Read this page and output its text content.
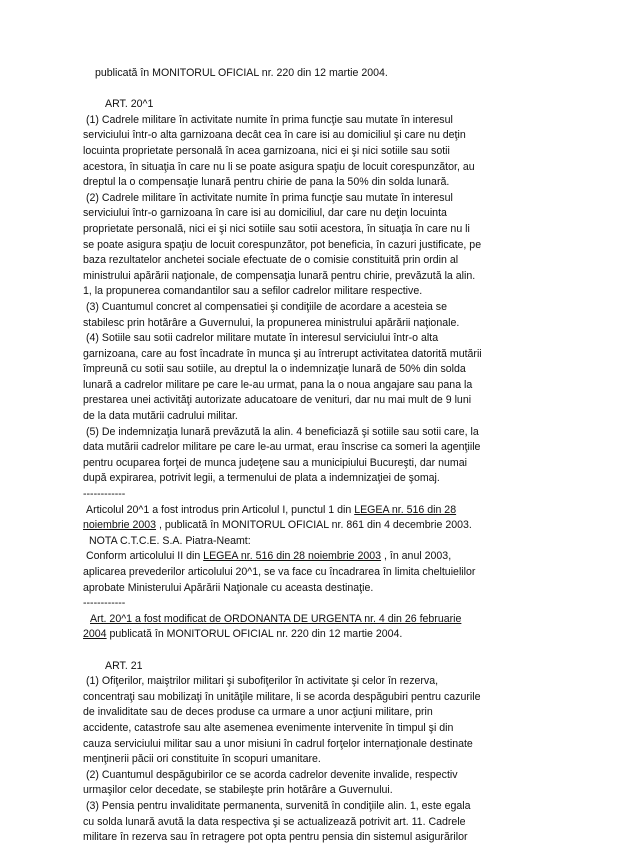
publicată în MONITORUL OFICIAL nr. 220 din 12 martie 2004.
ART. 20^1
(1) Cadrele militare în activitate numite în prima funcţie sau mutate în interesul
serviciului într-o alta garnizoana decât cea în care isi au domiciliul şi care nu deţin
locuinta proprietate personală în acea garnizoana, nici ei şi nici sotiile sau sotii
acestora, în situaţia în care nu li se poate asigura spaţiu de locuit corespunzător, au
dreptul la o compensaţie lunară pentru chirie de pana la 50% din solda lunară.
(2) Cadrele militare în activitate numite în prima funcţie sau mutate în interesul
serviciului într-o garnizoana în care isi au domiciliul, dar care nu deţin locuinta
proprietate personală, nici ei şi nici sotiile sau sotii acestora, în situaţia în care nu li
se poate asigura spaţiu de locuit corespunzător, pot beneficia, în cazuri justificate, pe
baza rezultatelor anchetei sociale efectuate de o comisie constituită prin ordin al
ministrului apărării naţionale, de compensaţia lunară pentru chirie, prevăzută la alin.
1, la propunerea comandantilor sau a sefilor cadrelor militare respective.
(3) Cuantumul concret al compensatiei şi condiţiile de acordare a acesteia se
stabilesc prin hotărâre a Guvernului, la propunerea ministrului apărării naţionale.
(4) Sotiile sau sotii cadrelor militare mutate în interesul serviciului într-o alta
garnizoana, care au fost încadrate în munca şi au întrerupt activitatea datorită mutării
împreună cu sotii sau sotiile, au dreptul la o indemnizaţie lunară de 50% din solda
lunară a cadrelor militare pe care le-au urmat, pana la o noua angajare sau pana la
prestarea unei activităţi autorizate aducatoare de venituri, dar nu mai mult de 9 luni
de la data mutării cadrului militar.
(5) De indemnizaţia lunară prevăzută la alin. 4 beneficiază şi sotiile sau sotii care, la
data mutării cadrelor militare pe care le-au urmat, erau înscrise ca someri la agenţiile
pentru ocuparea forţei de munca judeţene sau a municipiului Bucureşti, dar numai
după expirarea, potrivit legii, a termenului de plata a indemnizaţiei de şomaj.
------------
Articolul 20^1 a fost introdus prin Articolul I, punctul 1 din LEGEA nr. 516 din 28
noiembrie 2003 , publicată în MONITORUL OFICIAL nr. 861 din 4 decembrie 2003.
NOTA C.T.C.E. S.A. Piatra-Neamt:
Conform articolului II din LEGEA nr. 516 din 28 noiembrie 2003 , în anul 2003,
aplicarea prevederilor articolului 20^1, se va face cu încadrarea în limita cheltuielilor
aprobate Ministerului Apărării Naţionale cu aceasta destinaţie.
------------
Art. 20^1 a fost modificat de ORDONANTA DE URGENTA nr. 4 din 26 februarie
2004 publicată în MONITORUL OFICIAL nr. 220 din 12 martie 2004.
ART. 21
(1) Ofiţerilor, maiştrilor militari şi subofiţerilor în activitate şi celor în rezerva,
concentraţi sau mobilizaţi în unităţile militare, li se acorda despăgubiri pentru cazurile
de invaliditate sau de deces produse ca urmare a unor acţiuni militare, prin
accidente, catastrofe sau alte asemenea evenimente intervenite în timpul şi din
cauza serviciului militar sau a unor misiuni în cadrul forţelor internaţionale destinate
menţinerii păcii ori constituite în scopuri umanitare.
(2) Cuantumul despăgubirilor ce se acorda cadrelor devenite invalide, respectiv
urmaşilor celor decedate, se stabileşte prin hotărâre a Guvernului.
(3) Pensia pentru invaliditate permanenta, survenită în condiţiile alin. 1, este egala
cu solda lunară avută la data respectiva şi se actualizează potrivit art. 11. Cadrele
militare în rezerva sau în retragere pot opta pentru pensia din sistemul asigurărilor
